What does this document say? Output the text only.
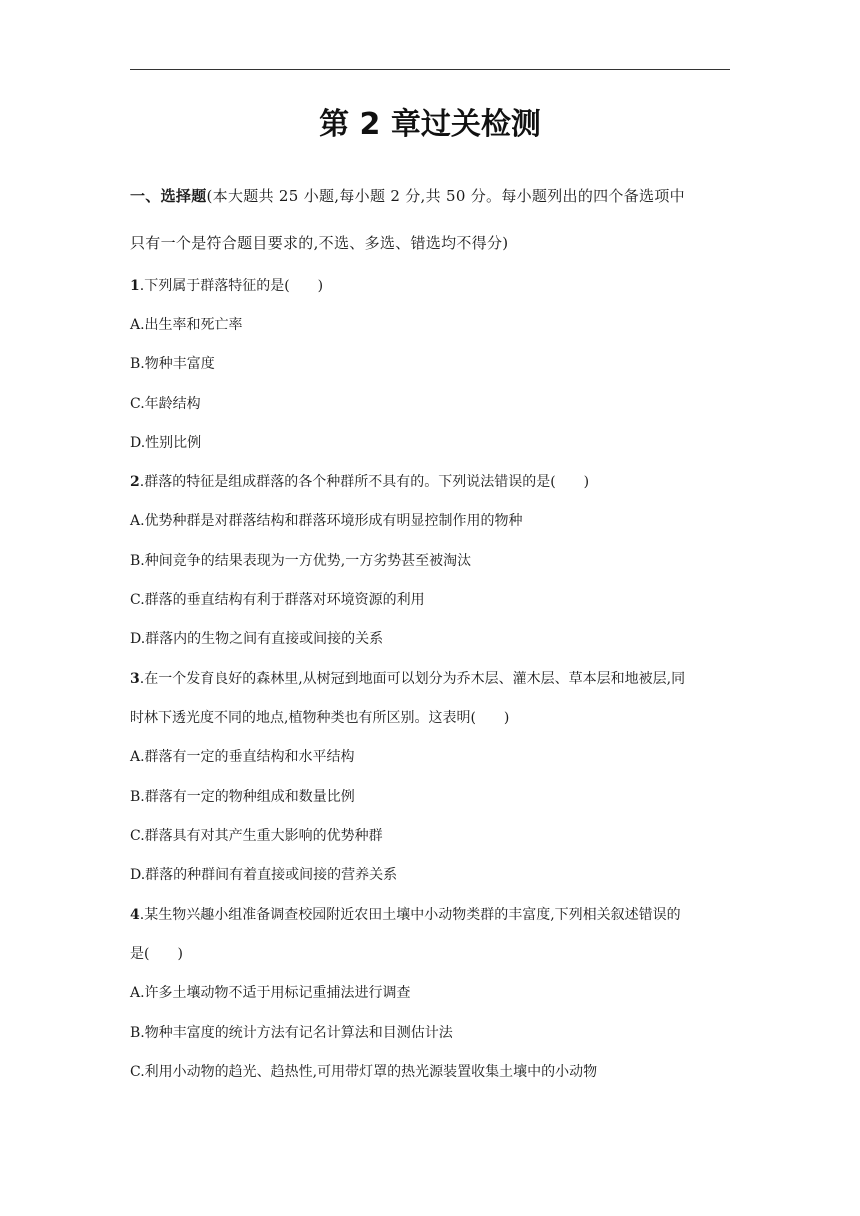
第 2 章过关检测
一、选择题(本大题共 25 小题,每小题 2 分,共 50 分。每小题列出的四个备选项中
只有一个是符合题目要求的,不选、多选、错选均不得分)
1.下列属于群落特征的是(　　)
A.出生率和死亡率
B.物种丰富度
C.年龄结构
D.性别比例
2.群落的特征是组成群落的各个种群所不具有的。下列说法错误的是(　　)
A.优势种群是对群落结构和群落环境形成有明显控制作用的物种
B.种间竞争的结果表现为一方优势,一方劣势甚至被淘汰
C.群落的垂直结构有利于群落对环境资源的利用
D.群落内的生物之间有直接或间接的关系
3.在一个发育良好的森林里,从树冠到地面可以划分为乔木层、灌木层、草本层和地被层,同
时林下透光度不同的地点,植物种类也有所区别。这表明(　　)
A.群落有一定的垂直结构和水平结构
B.群落有一定的物种组成和数量比例
C.群落具有对其产生重大影响的优势种群
D.群落的种群间有着直接或间接的营养关系
4.某生物兴趣小组准备调查校园附近农田土壤中小动物类群的丰富度,下列相关叙述错误的
是(　　)
A.许多土壤动物不适于用标记重捕法进行调查
B.物种丰富度的统计方法有记名计算法和目测估计法
C.利用小动物的趋光、趋热性,可用带灯罩的热光源装置收集土壤中的小动物
